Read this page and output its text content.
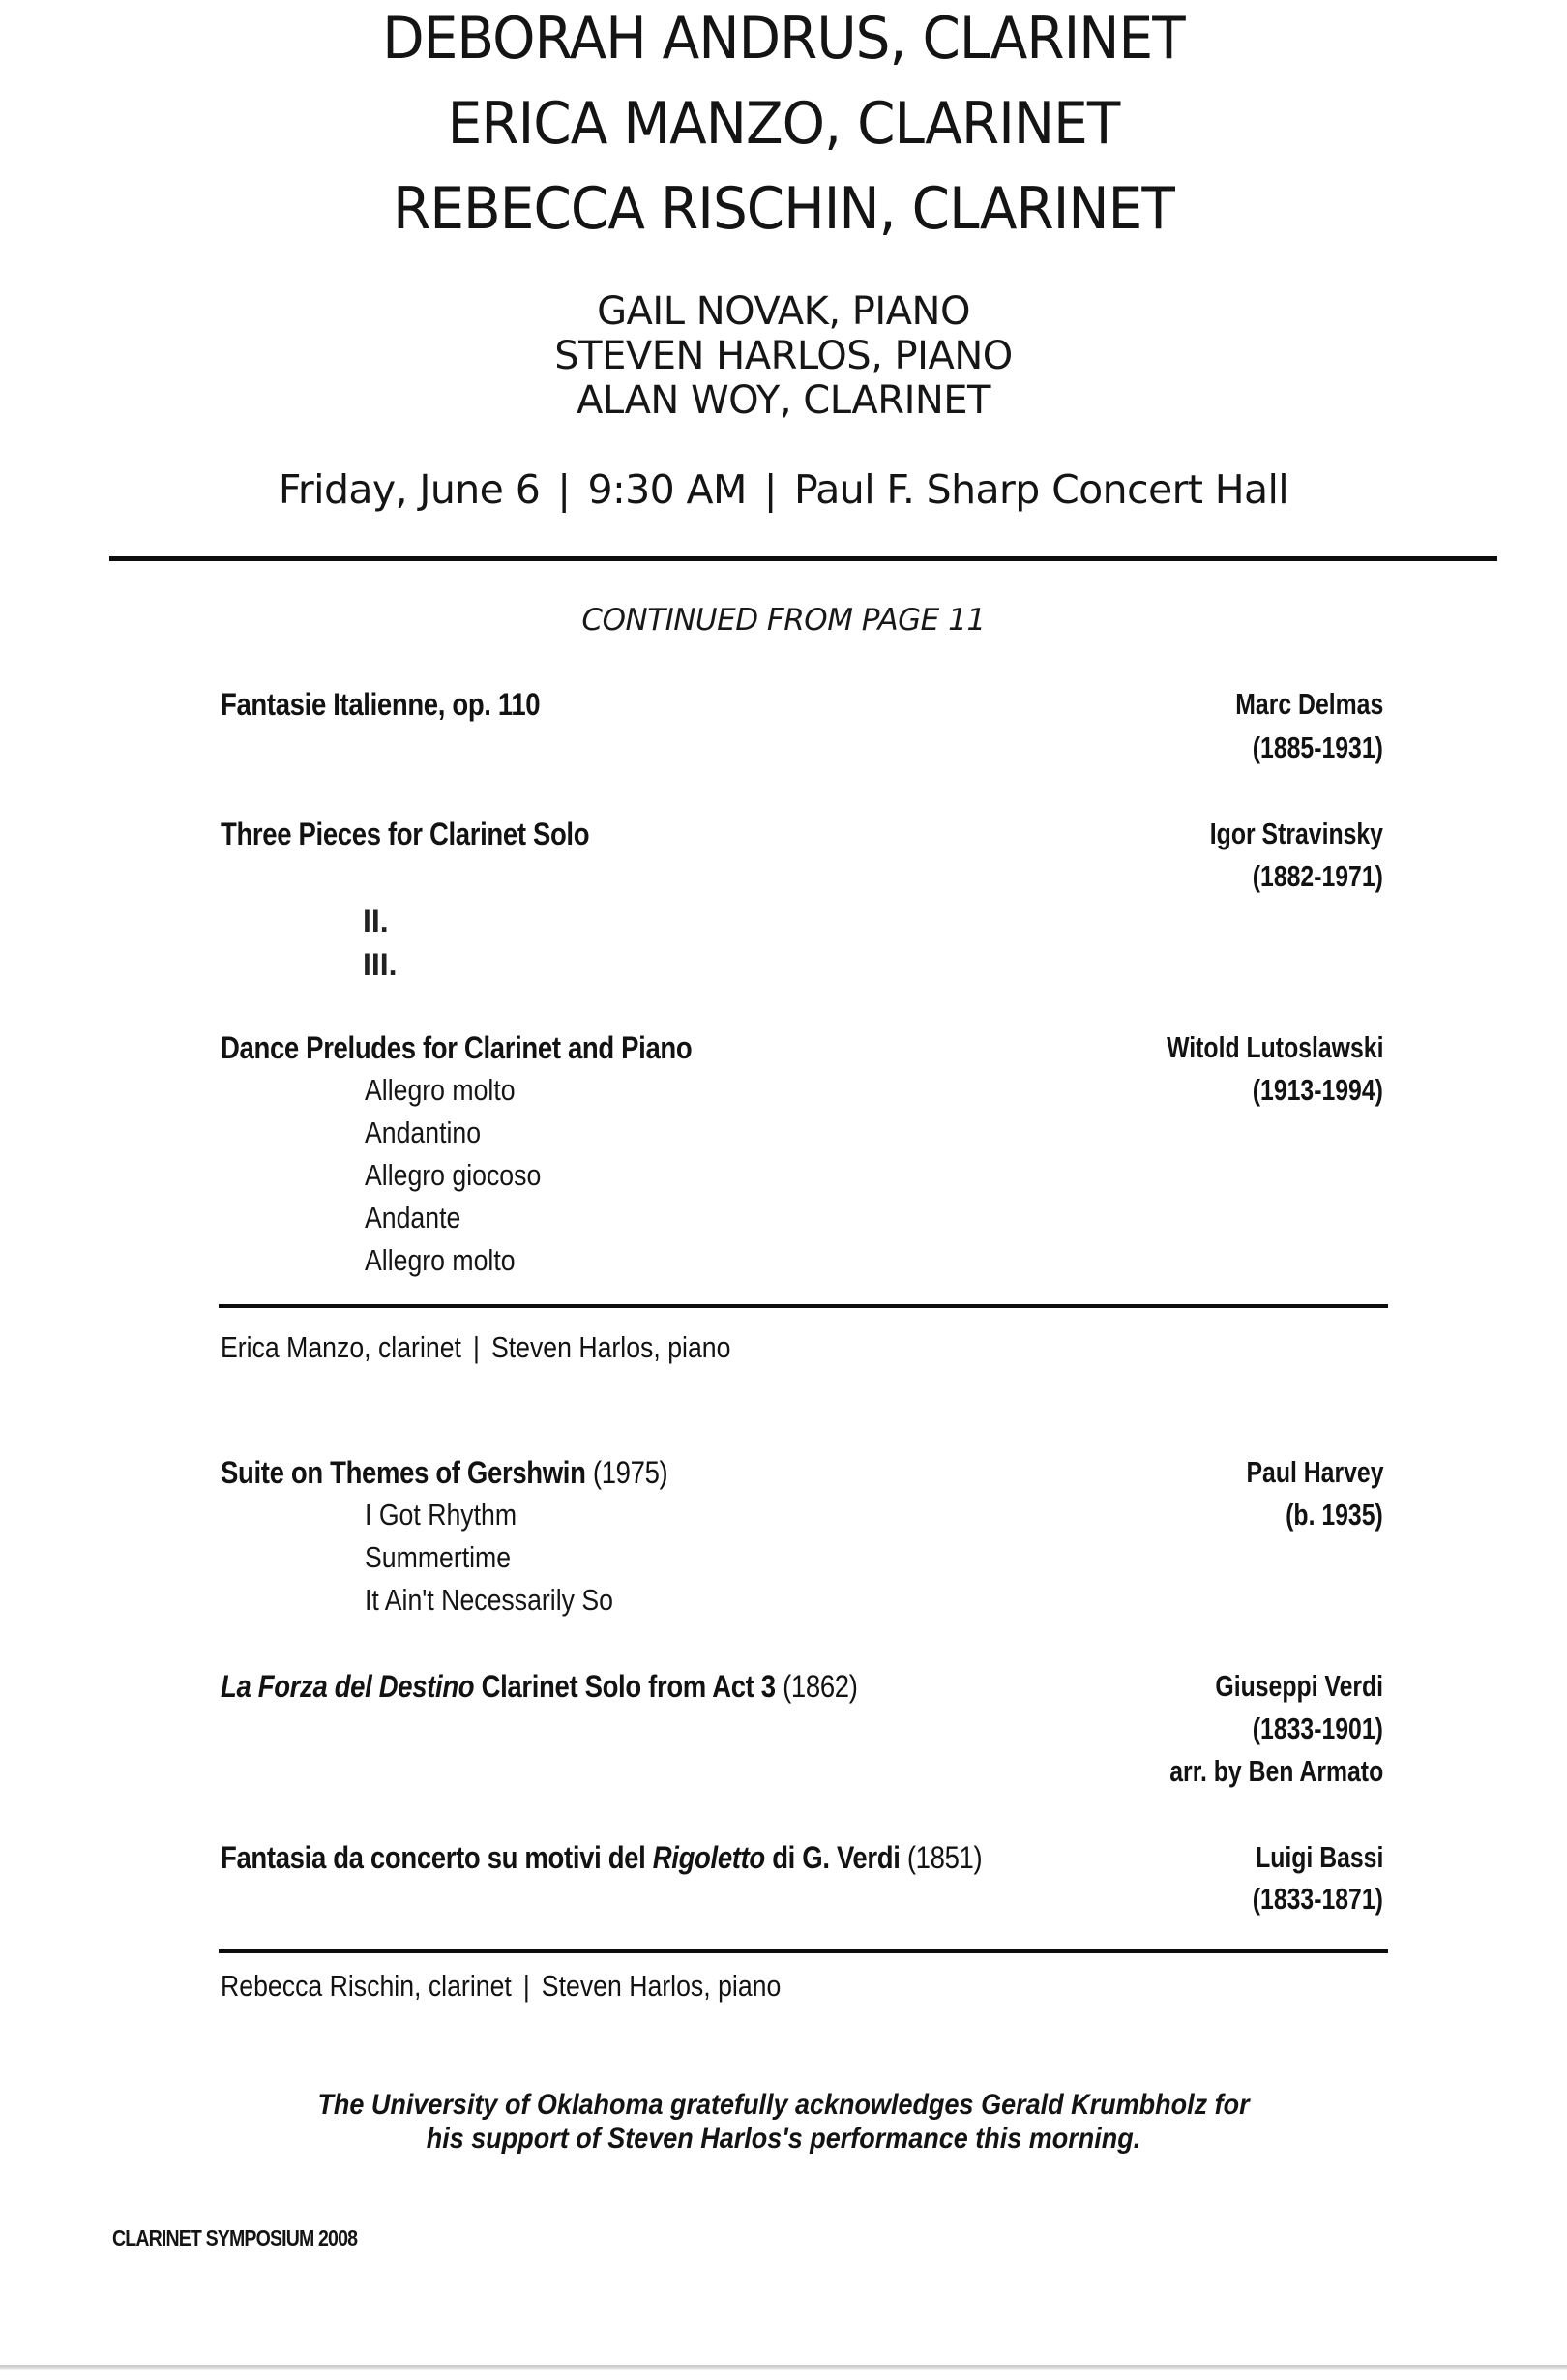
DEBORAH ANDRUS, CLARINET
ERICA MANZO, CLARINET
REBECCA RISCHIN, CLARINET
GAIL NOVAK, PIANO
STEVEN HARLOS, PIANO
ALAN WOY, CLARINET
Friday, June 6 | 9:30 AM | Paul F. Sharp Concert Hall
CONTINUED FROM PAGE 11
Fantasie Italienne, op. 110	Marc Delmas
(1885-1931)
Three Pieces for Clarinet Solo	Igor Stravinsky
(1882-1971)
II.
III.
Dance Preludes for Clarinet and Piano	Witold Lutoslawski
(1913-1994)
Allegro molto
Andantino
Allegro giocoso
Andante
Allegro molto
Erica Manzo, clarinet | Steven Harlos, piano
Suite on Themes of Gershwin (1975)	Paul Harvey
(b. 1935)
I Got Rhythm
Summertime
It Ain't Necessarily So
La Forza del Destino Clarinet Solo from Act 3 (1862)	Giuseppi Verdi
(1833-1901)
arr. by Ben Armato
Fantasia da concerto su motivi del Rigoletto di G. Verdi (1851)	Luigi Bassi
(1833-1871)
Rebecca Rischin, clarinet | Steven Harlos, piano
The University of Oklahoma gratefully acknowledges Gerald Krumbholz for
his support of Steven Harlos's performance this morning.
CLARINET SYMPOSIUM 2008
